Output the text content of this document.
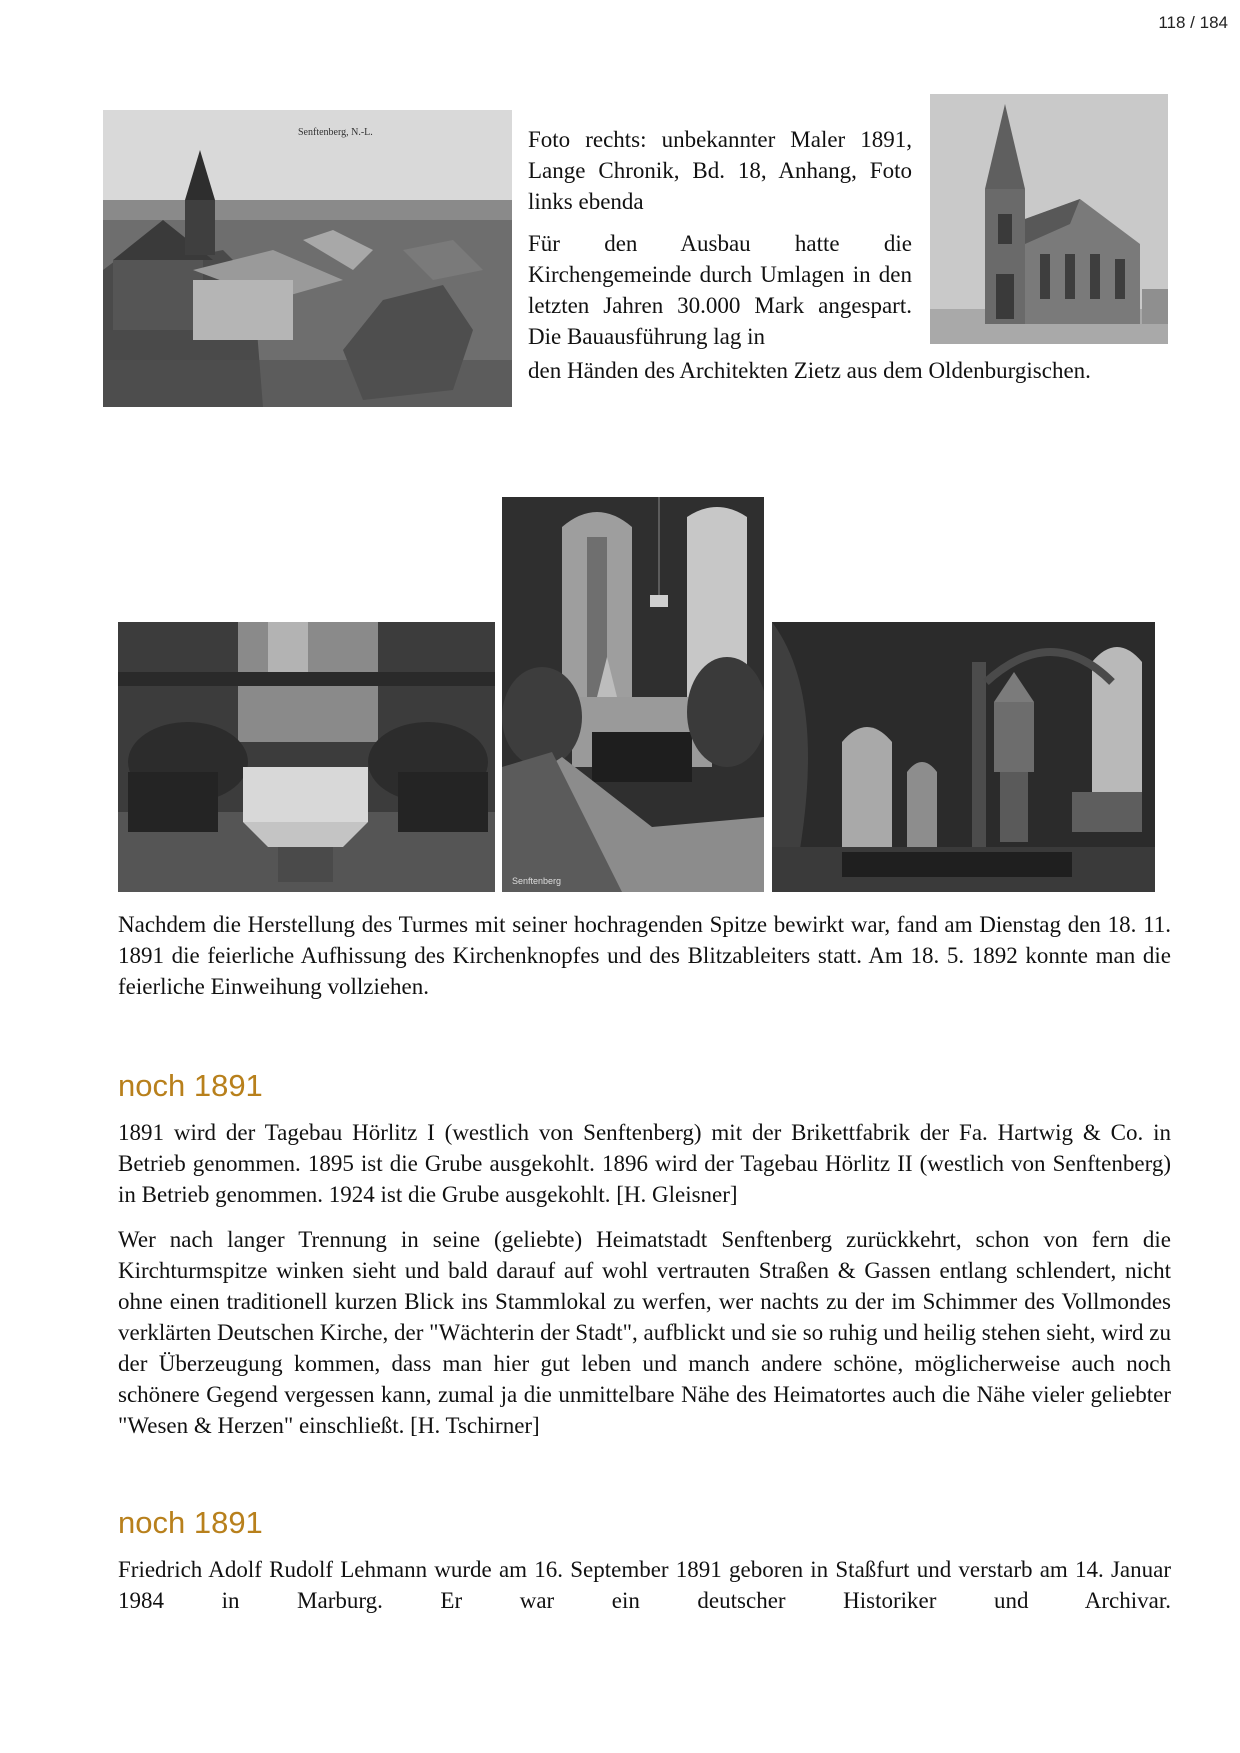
118 / 184
Senftenberg, N.-L.	Foto rechts: unbekannter Maler 1891, Lange Chronik, Bd. 18, Anhang, Foto links ebenda

Für den Ausbau hatte die Kirchengemeinde durch Umlagen in den letzten Jahren 30.000 Mark angespart. Die Bauausführung lag in

den Händen des Architekten Zietz aus dem Oldenburgischen.
Senftenberg

Nachdem die Herstellung des Turmes mit seiner hochragenden Spitze bewirkt war, fand am Dienstag den 18. 11. 1891 die feierliche Aufhissung des Kirchenknopfes und des Blitzableiters statt. Am 18. 5. 1892 konnte man die feierliche Einweihung vollziehen.

noch 1891

1891 wird der Tagebau Hörlitz I (westlich von Senftenberg) mit der Brikettfabrik der Fa. Hartwig & Co. in Betrieb genommen. 1895 ist die Grube ausgekohlt. 1896 wird der Tagebau Hörlitz II (westlich von Senftenberg) in Betrieb genommen. 1924 ist die Grube ausgekohlt. [H. Gleisner]

Wer nach langer Trennung in seine (geliebte) Heimatstadt Senftenberg zurückkehrt, schon von fern die Kirchturmspitze winken sieht und bald darauf auf wohl vertrauten Straßen & Gassen entlang schlendert, nicht ohne einen traditionell kurzen Blick ins Stammlokal zu werfen, wer nachts zu der im Schimmer des Vollmondes verklärten Deutschen Kirche, der "Wächterin der Stadt", aufblickt und sie so ruhig und heilig stehen sieht, wird zu der Überzeugung kommen, dass man hier gut leben und manch andere schöne, möglicherweise auch noch schönere Gegend vergessen kann, zumal ja die unmittelbare Nähe des Heimatortes auch die Nähe vieler geliebter "Wesen & Herzen" einschließt. [H. Tschirner]

noch 1891

Friedrich Adolf Rudolf Lehmann wurde am 16. September 1891 geboren in Staßfurt und verstarb am 14. Januar 1984 in Marburg. Er war ein deutscher Historiker und Archivar.
